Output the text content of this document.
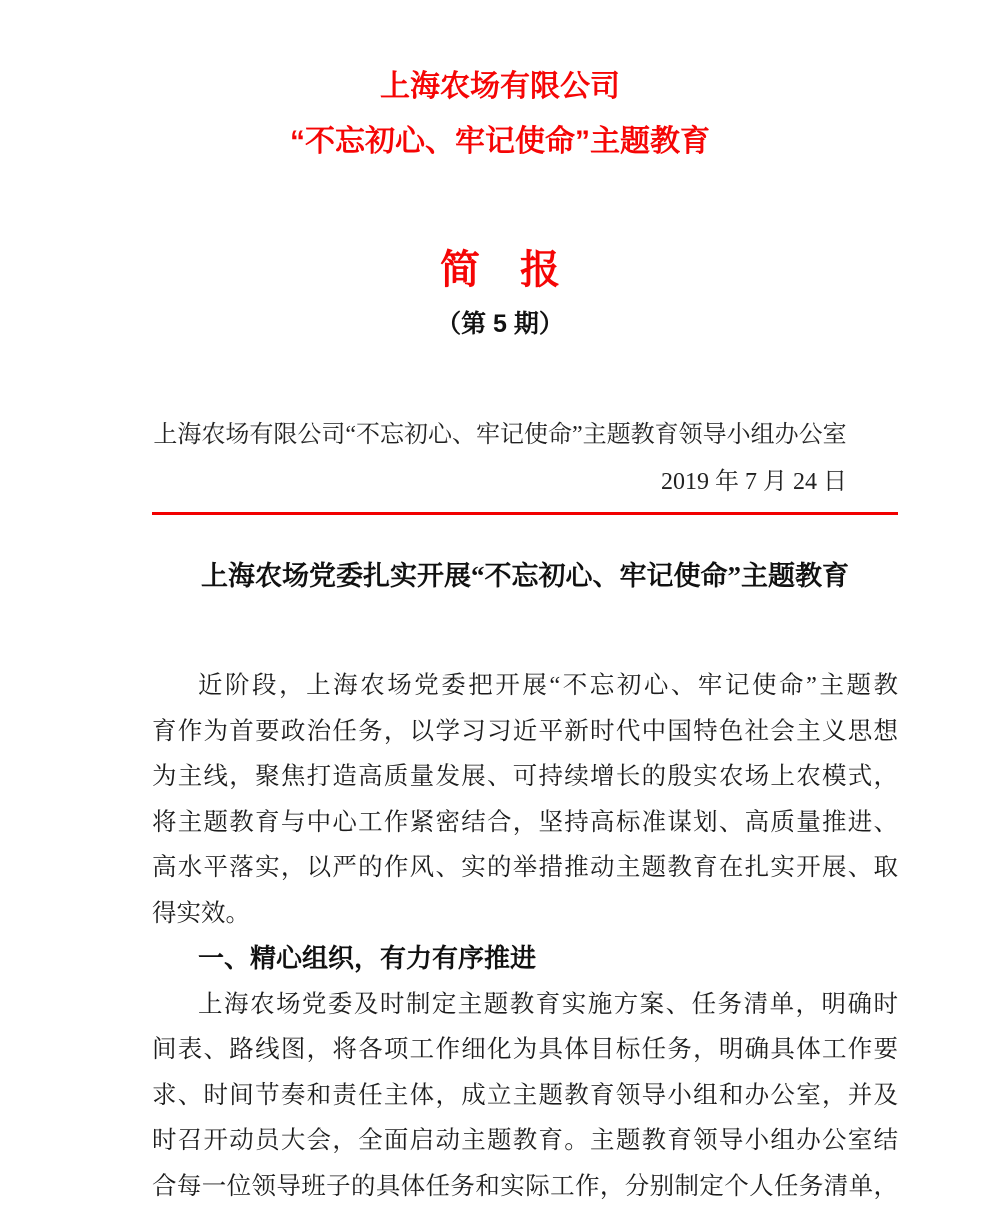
上海农场有限公司
“不忘初心、牢记使命”主题教育
简　报
（第 5 期）
上海农场有限公司“不忘初心、牢记使命”主题教育领导小组办公室
2019 年 7 月 24 日
上海农场党委扎实开展“不忘初心、牢记使命”主题教育
近阶段，上海农场党委把开展“不忘初心、牢记使命”主题教
育作为首要政治任务，以学习习近平新时代中国特色社会主义思想
为主线，聚焦打造高质量发展、可持续增长的殷实农场上农模式，
将主题教育与中心工作紧密结合，坚持高标准谋划、高质量推进、
高水平落实，以严的作风、实的举措推动主题教育在扎实开展、取
得实效。
一、精心组织，有力有序推进
上海农场党委及时制定主题教育实施方案、任务清单，明确时
间表、路线图，将各项工作细化为具体目标任务，明确具体工作要
求、时间节奏和责任主体，成立主题教育领导小组和办公室，并及
时召开动员大会，全面启动主题教育。主题教育领导小组办公室结
合每一位领导班子的具体任务和实际工作，分别制定个人任务清单，
